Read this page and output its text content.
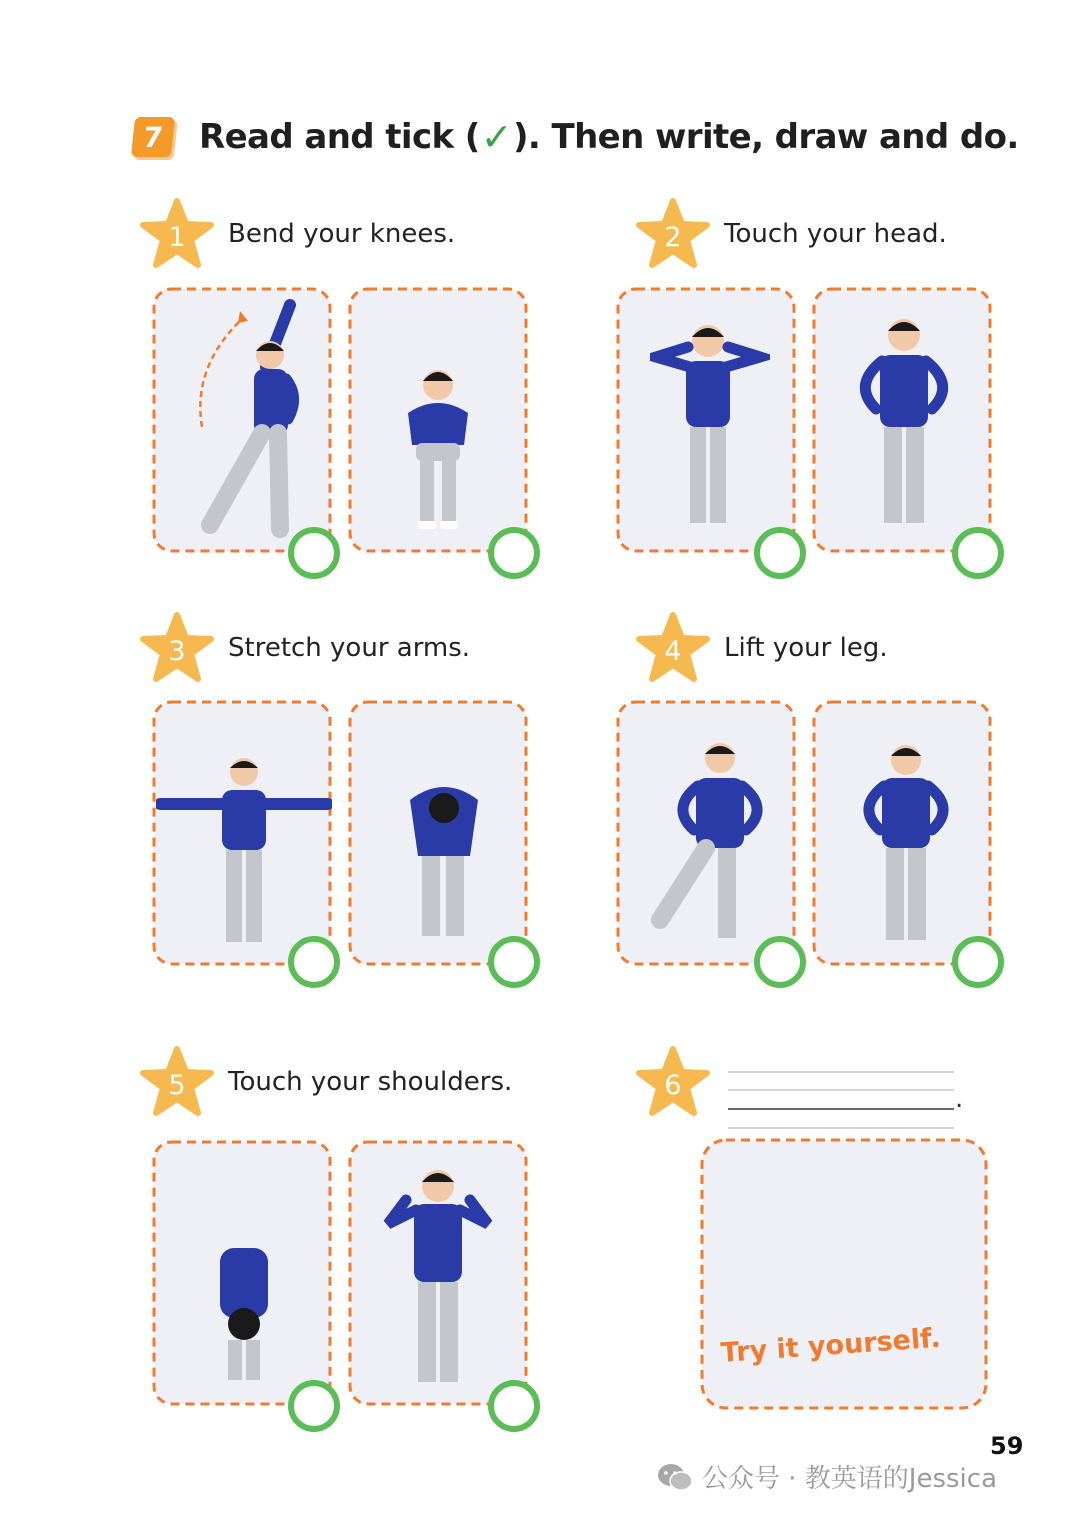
7 Read and tick ( ✓ ). Then write, draw and do.
1	Bend your knees.	2	Touch your head.
3	Stretch your arms.	4	Lift your leg.
5	Touch your shoulders.	6	.
Try it yourself.
59
公众号 · 教英语的Jessica
